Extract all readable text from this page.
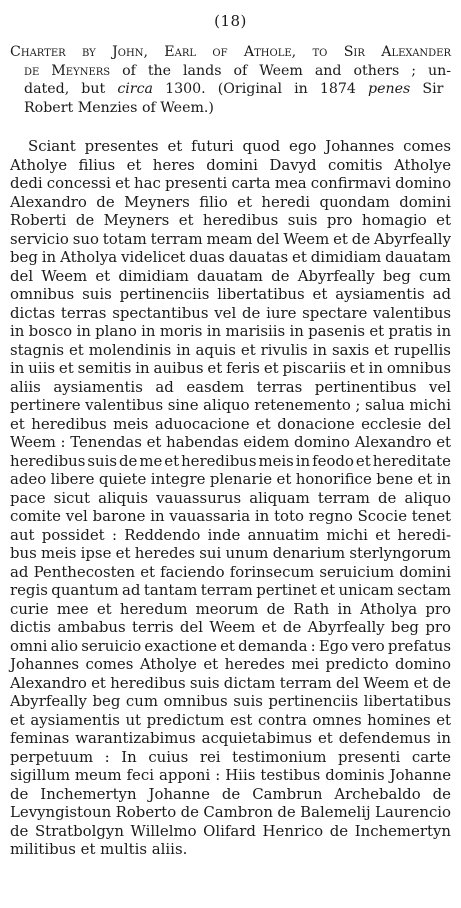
(18)
Charter by John, Earl of Athole, to Sir Alexander
de Meyners of the lands of Weem and others ; un-
dated, but circa 1300. (Original in 1874 penes Sir
Robert Menzies of Weem.)
Sciant presentes et futuri quod ego Johannes comes
Atholye filius et heres domini Davyd comitis Atholye
dedi concessi et hac presenti carta mea confirmavi domino
Alexandro de Meyners filio et heredi quondam domini
Roberti de Meyners et heredibus suis pro homagio et
servicio suo totam terram meam del Weem et de Abyrfeally
beg in Atholya videlicet duas dauatas et dimidiam dauatam
del Weem et dimidiam dauatam de Abyrfeally beg cum
omnibus suis pertinenciis libertatibus et aysiamentis ad
dictas terras spectantibus vel de iure spectare valentibus
in bosco in plano in moris in marisiis in pasenis et pratis in
stagnis et molendinis in aquis et rivulis in saxis et rupellis
in uiis et semitis in auibus et feris et piscariis et in omnibus
aliis aysiamentis ad easdem terras pertinentibus vel
pertinere valentibus sine aliquo retenemento ; salua michi
et heredibus meis aduocacione et donacione ecclesie del
Weem : Tenendas et habendas eidem domino Alexandro et
heredibus suis de me et heredibus meis in feodo et hereditate
adeo libere quiete integre plenarie et honorifice bene et in
pace sicut aliquis vauassurus aliquam terram de aliquo
comite vel barone in vauassaria in toto regno Scocie tenet
aut possidet : Reddendo inde annuatim michi et heredi-
bus meis ipse et heredes sui unum denarium sterlyngorum
ad Penthecosten et faciendo forinsecum seruicium domini
regis quantum ad tantam terram pertinet et unicam sectam
curie mee et heredum meorum de Rath in Atholya pro
dictis ambabus terris del Weem et de Abyrfeally beg pro
omni alio seruicio exactione et demanda : Ego vero prefatus
Johannes comes Atholye et heredes mei predicto domino
Alexandro et heredibus suis dictam terram del Weem et de
Abyrfeally beg cum omnibus suis pertinenciis libertatibus
et aysiamentis ut predictum est contra omnes homines et
feminas warantizabimus acquietabimus et defendemus in
perpetuum : In cuius rei testimonium presenti carte
sigillum meum feci apponi : Hiis testibus dominis Johanne
de Inchemertyn Johanne de Cambrun Archebaldo de
Levyngistoun Roberto de Cambron de Balemelij Laurencio
de Stratbolgyn Willelmo Olifard Henrico de Inchemertyn
militibus et multis aliis.
